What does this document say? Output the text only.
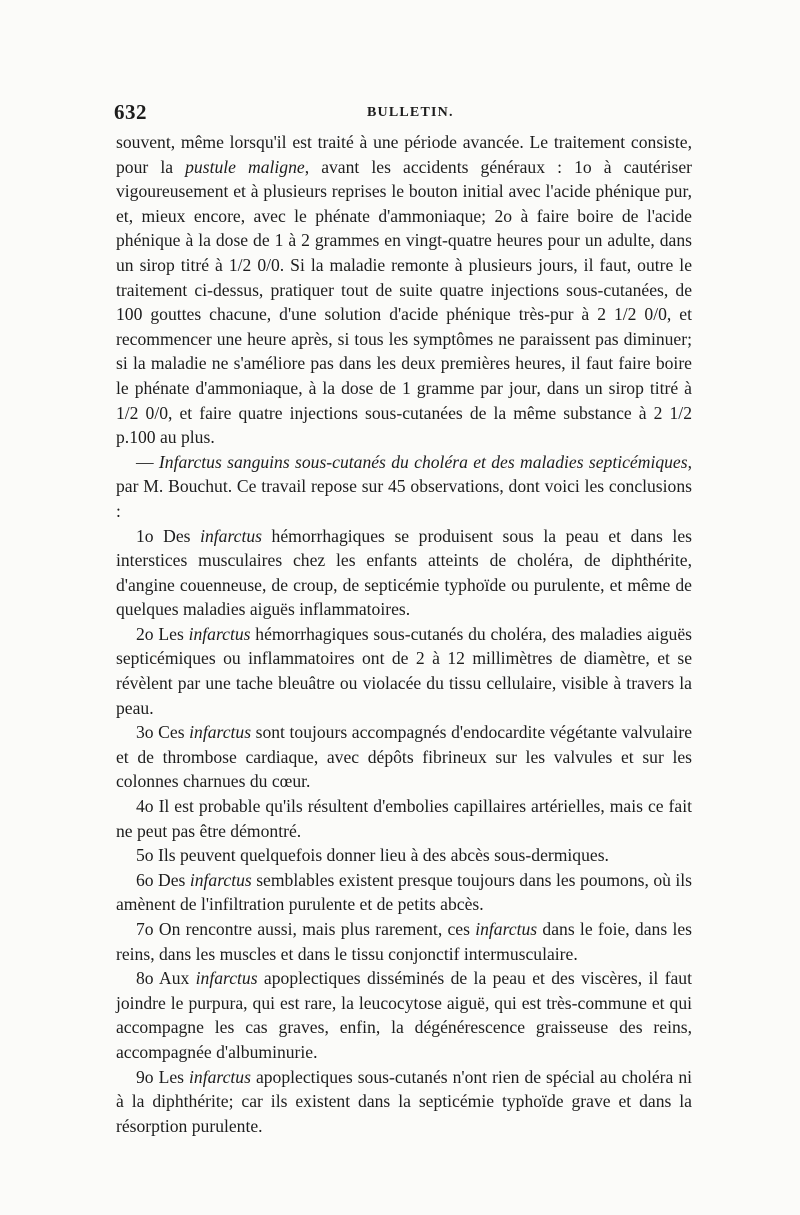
632	BULLETIN.

souvent, même lorsqu'il est traité à une période avancée. Le traitement consiste, pour la pustule maligne, avant les accidents généraux : 1o à cautériser vigoureusement et à plusieurs reprises le bouton initial avec l'acide phénique pur, et, mieux encore, avec le phénate d'ammoniaque; 2o à faire boire de l'acide phénique à la dose de 1 à 2 grammes en vingt-quatre heures pour un adulte, dans un sirop titré à 1/2 0/0. Si la maladie remonte à plusieurs jours, il faut, outre le traitement ci-dessus, pratiquer tout de suite quatre injections sous-cutanées, de 100 gouttes chacune, d'une solution d'acide phénique très-pur à 2 1/2 0/0, et recommencer une heure après, si tous les symptômes ne paraissent pas diminuer; si la maladie ne s'améliore pas dans les deux premières heures, il faut faire boire le phénate d'ammoniaque, à la dose de 1 gramme par jour, dans un sirop titré à 1/2 0/0, et faire quatre injections sous-cutanées de la même substance à 2 1/2 p.100 au plus.

— Infarctus sanguins sous-cutanés du choléra et des maladies septicémiques, par M. Bouchut. Ce travail repose sur 45 observations, dont voici les conclusions :

1o Des infarctus hémorrhagiques se produisent sous la peau et dans les interstices musculaires chez les enfants atteints de choléra, de diphthérite, d'angine couenneuse, de croup, de septicémie typhoïde ou purulente, et même de quelques maladies aiguës inflammatoires.

2o Les infarctus hémorrhagiques sous-cutanés du choléra, des maladies aiguës septicémiques ou inflammatoires ont de 2 à 12 millimètres de diamètre, et se révèlent par une tache bleuâtre ou violacée du tissu cellulaire, visible à travers la peau.

3o Ces infarctus sont toujours accompagnés d'endocardite végétante valvulaire et de thrombose cardiaque, avec dépôts fibrineux sur les valvules et sur les colonnes charnues du cœur.

4o Il est probable qu'ils résultent d'embolies capillaires artérielles, mais ce fait ne peut pas être démontré.

5o Ils peuvent quelquefois donner lieu à des abcès sous-dermiques.

6o Des infarctus semblables existent presque toujours dans les poumons, où ils amènent de l'infiltration purulente et de petits abcès.

7o On rencontre aussi, mais plus rarement, ces infarctus dans le foie, dans les reins, dans les muscles et dans le tissu conjonctif intermusculaire.

8o Aux infarctus apoplectiques disséminés de la peau et des viscères, il faut joindre le purpura, qui est rare, la leucocytose aiguë, qui est très-commune et qui accompagne les cas graves, enfin, la dégénérescence graisseuse des reins, accompagnée d'albuminurie.

9o Les infarctus apoplectiques sous-cutanés n'ont rien de spécial au choléra ni à la diphthérite; car ils existent dans la septicémie typhoïde grave et dans la résorption purulente.
